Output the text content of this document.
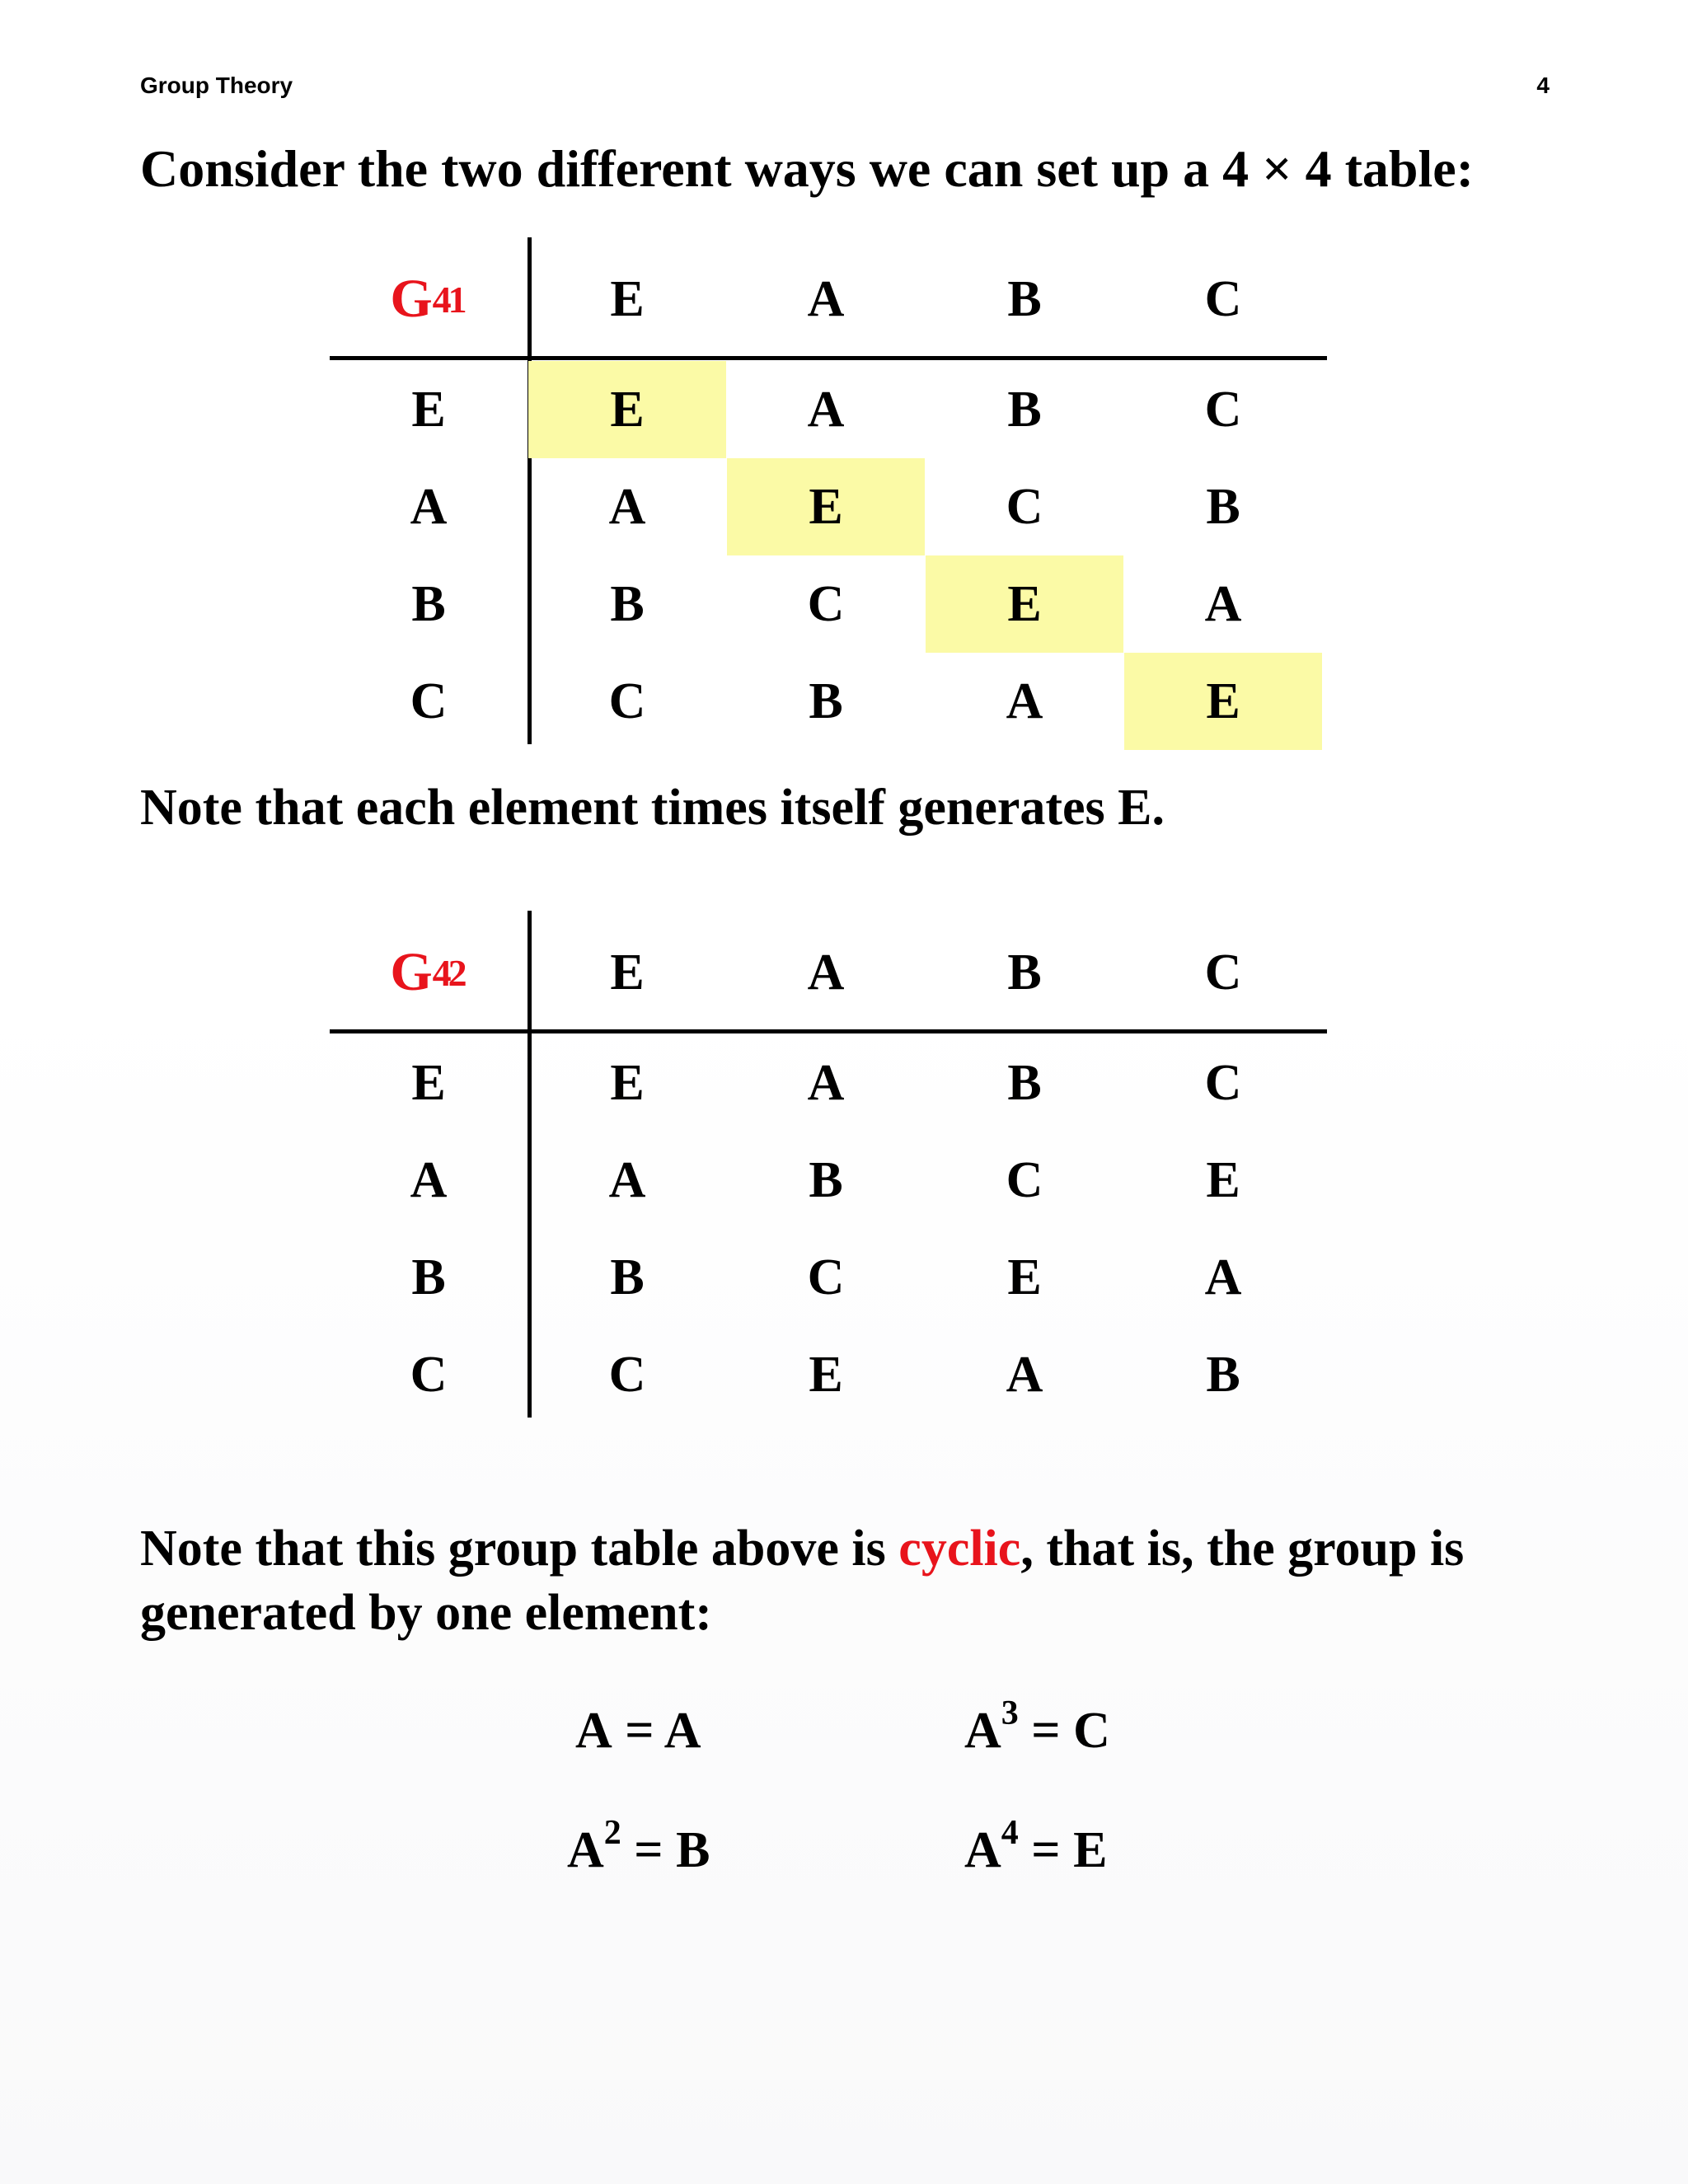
Group Theory	4
Consider the two different ways we can set up a 4 × 4 table:
G 4
1	E	A	B	C
E	E	A	B	C
A	A	E	C	B
B	B	C	E	A
C	C	B	A	E
Note that each element times itself generates E.
G 4
2	E	A	B	C
E	E	A	B	C
A	A	B	C	E
B	B	C	E	A
C	C	E	A	B
Note that this group table above is cyclic, that is, the group is generated by one element:
A = A	$A^3 = C$
$A^2 = B$	$A^4 = E$
